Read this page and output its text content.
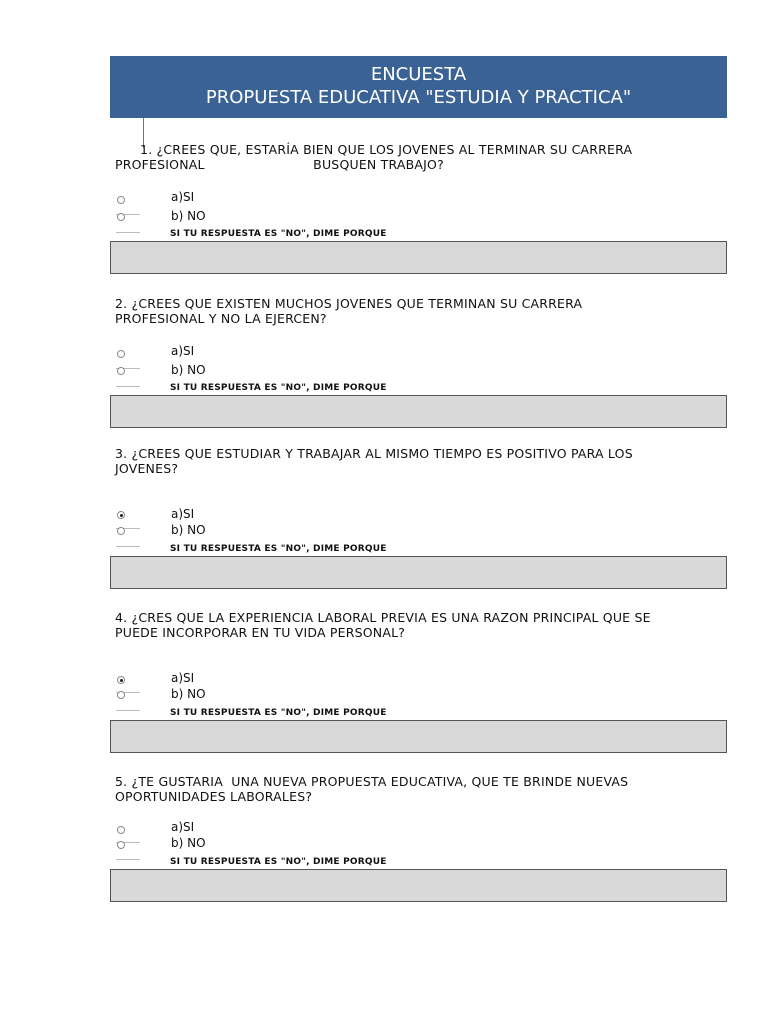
ENCUESTA
PROPUESTA EDUCATIVA "ESTUDIA Y PRACTICA"
1. ¿CREES QUE, ESTARÍA BIEN QUE LOS JOVENES AL TERMINAR SU CARRERA
PROFESIONAL                          BUSQUEN TRABAJO?
a)SI
b) NO
SI TU RESPUESTA ES "NO", DIME PORQUE
2. ¿CREES QUE EXISTEN MUCHOS JOVENES QUE TERMINAN SU CARRERA
PROFESIONAL Y NO LA EJERCEN?
a)SI
b) NO
SI TU RESPUESTA ES "NO", DIME PORQUE
3. ¿CREES QUE ESTUDIAR Y TRABAJAR AL MISMO TIEMPO ES POSITIVO PARA LOS
JOVENES?
a)SI
b) NO
SI TU RESPUESTA ES "NO", DIME PORQUE
4. ¿CRES QUE LA EXPERIENCIA LABORAL PREVIA ES UNA RAZON PRINCIPAL QUE SE
PUEDE INCORPORAR EN TU VIDA PERSONAL?
a)SI
b) NO
SI TU RESPUESTA ES "NO", DIME PORQUE
5. ¿TE GUSTARIA  UNA NUEVA PROPUESTA EDUCATIVA, QUE TE BRINDE NUEVAS
OPORTUNIDADES LABORALES?
a)SI
b) NO
SI TU RESPUESTA ES "NO", DIME PORQUE
